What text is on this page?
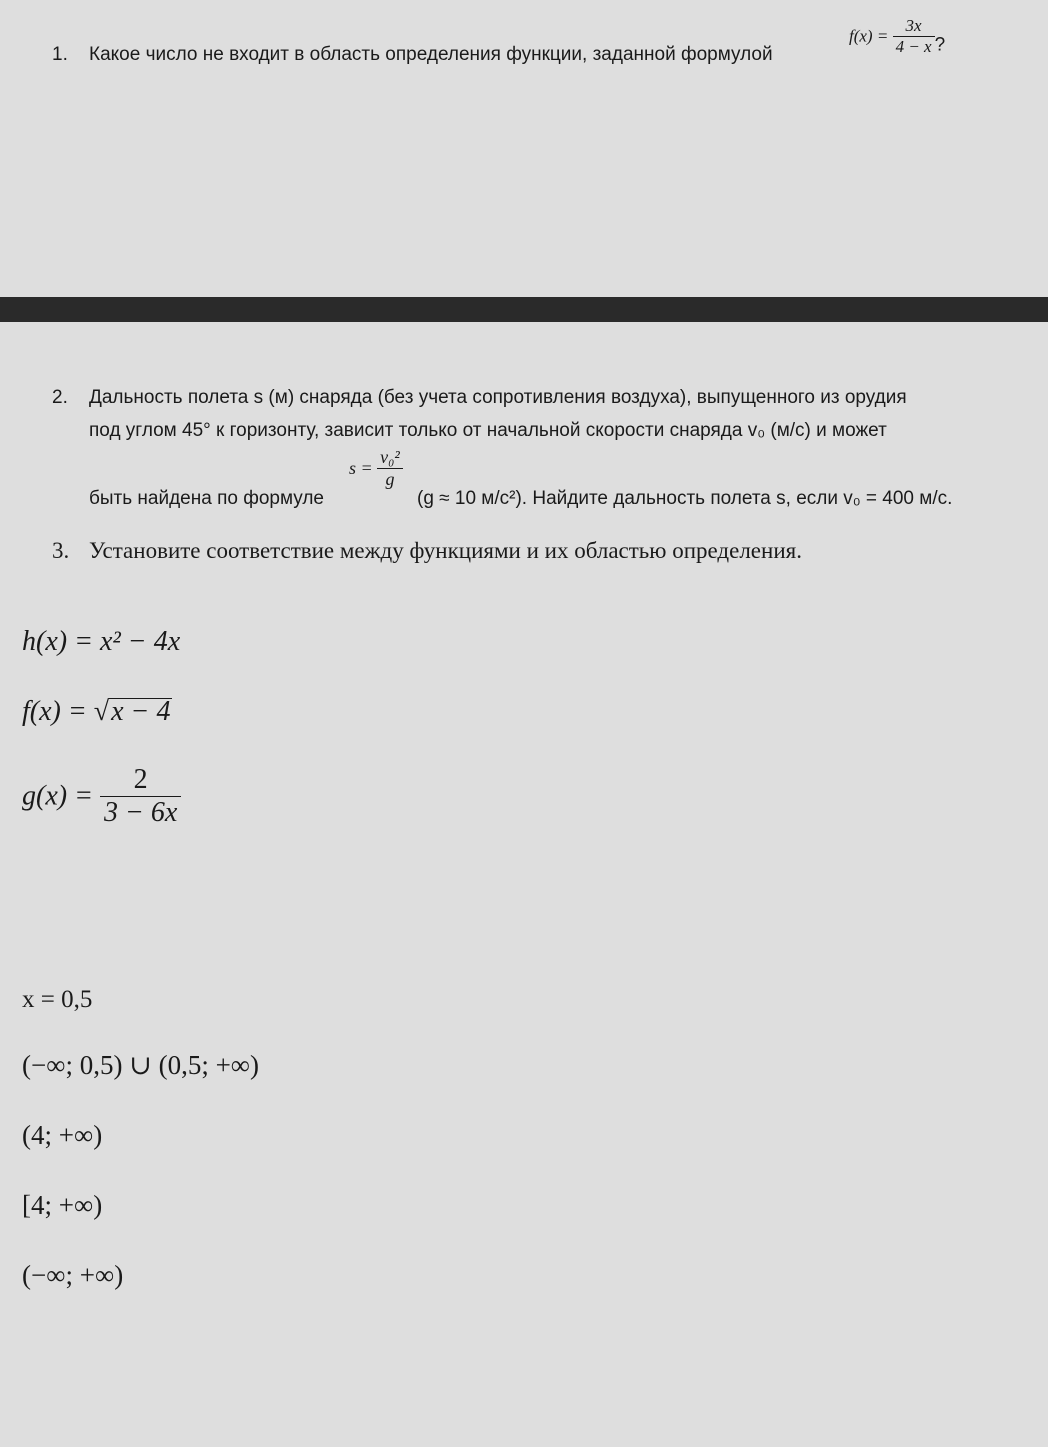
1. Какое число не входит в область определения функции, заданной формулой
$f(x) = \frac{3x}{4 - x}$ ?
2. Дальность полета s (м) снаряда (без учета сопротивления воздуха), выпущенного из орудия
под углом 45° к горизонту, зависит только от начальной скорости снаряда v₀ (м/с) и может
быть найдена по формуле
$s = \frac{\text{v₀²}}{g}$
(g ≈ 10 м/с²). Найдите дальность полета s, если v₀ = 400 м/с.
3. Установите соответствие между функциями и их областью определения.
h(x) = x² − 4x
f(x) = √x − 4
$g(x) = \frac{2}{3 - 6x}$
x = 0,5
(−∞; 0,5) ∪ (0,5; +∞)
(4; +∞)
[4; +∞)
(−∞; +∞)
